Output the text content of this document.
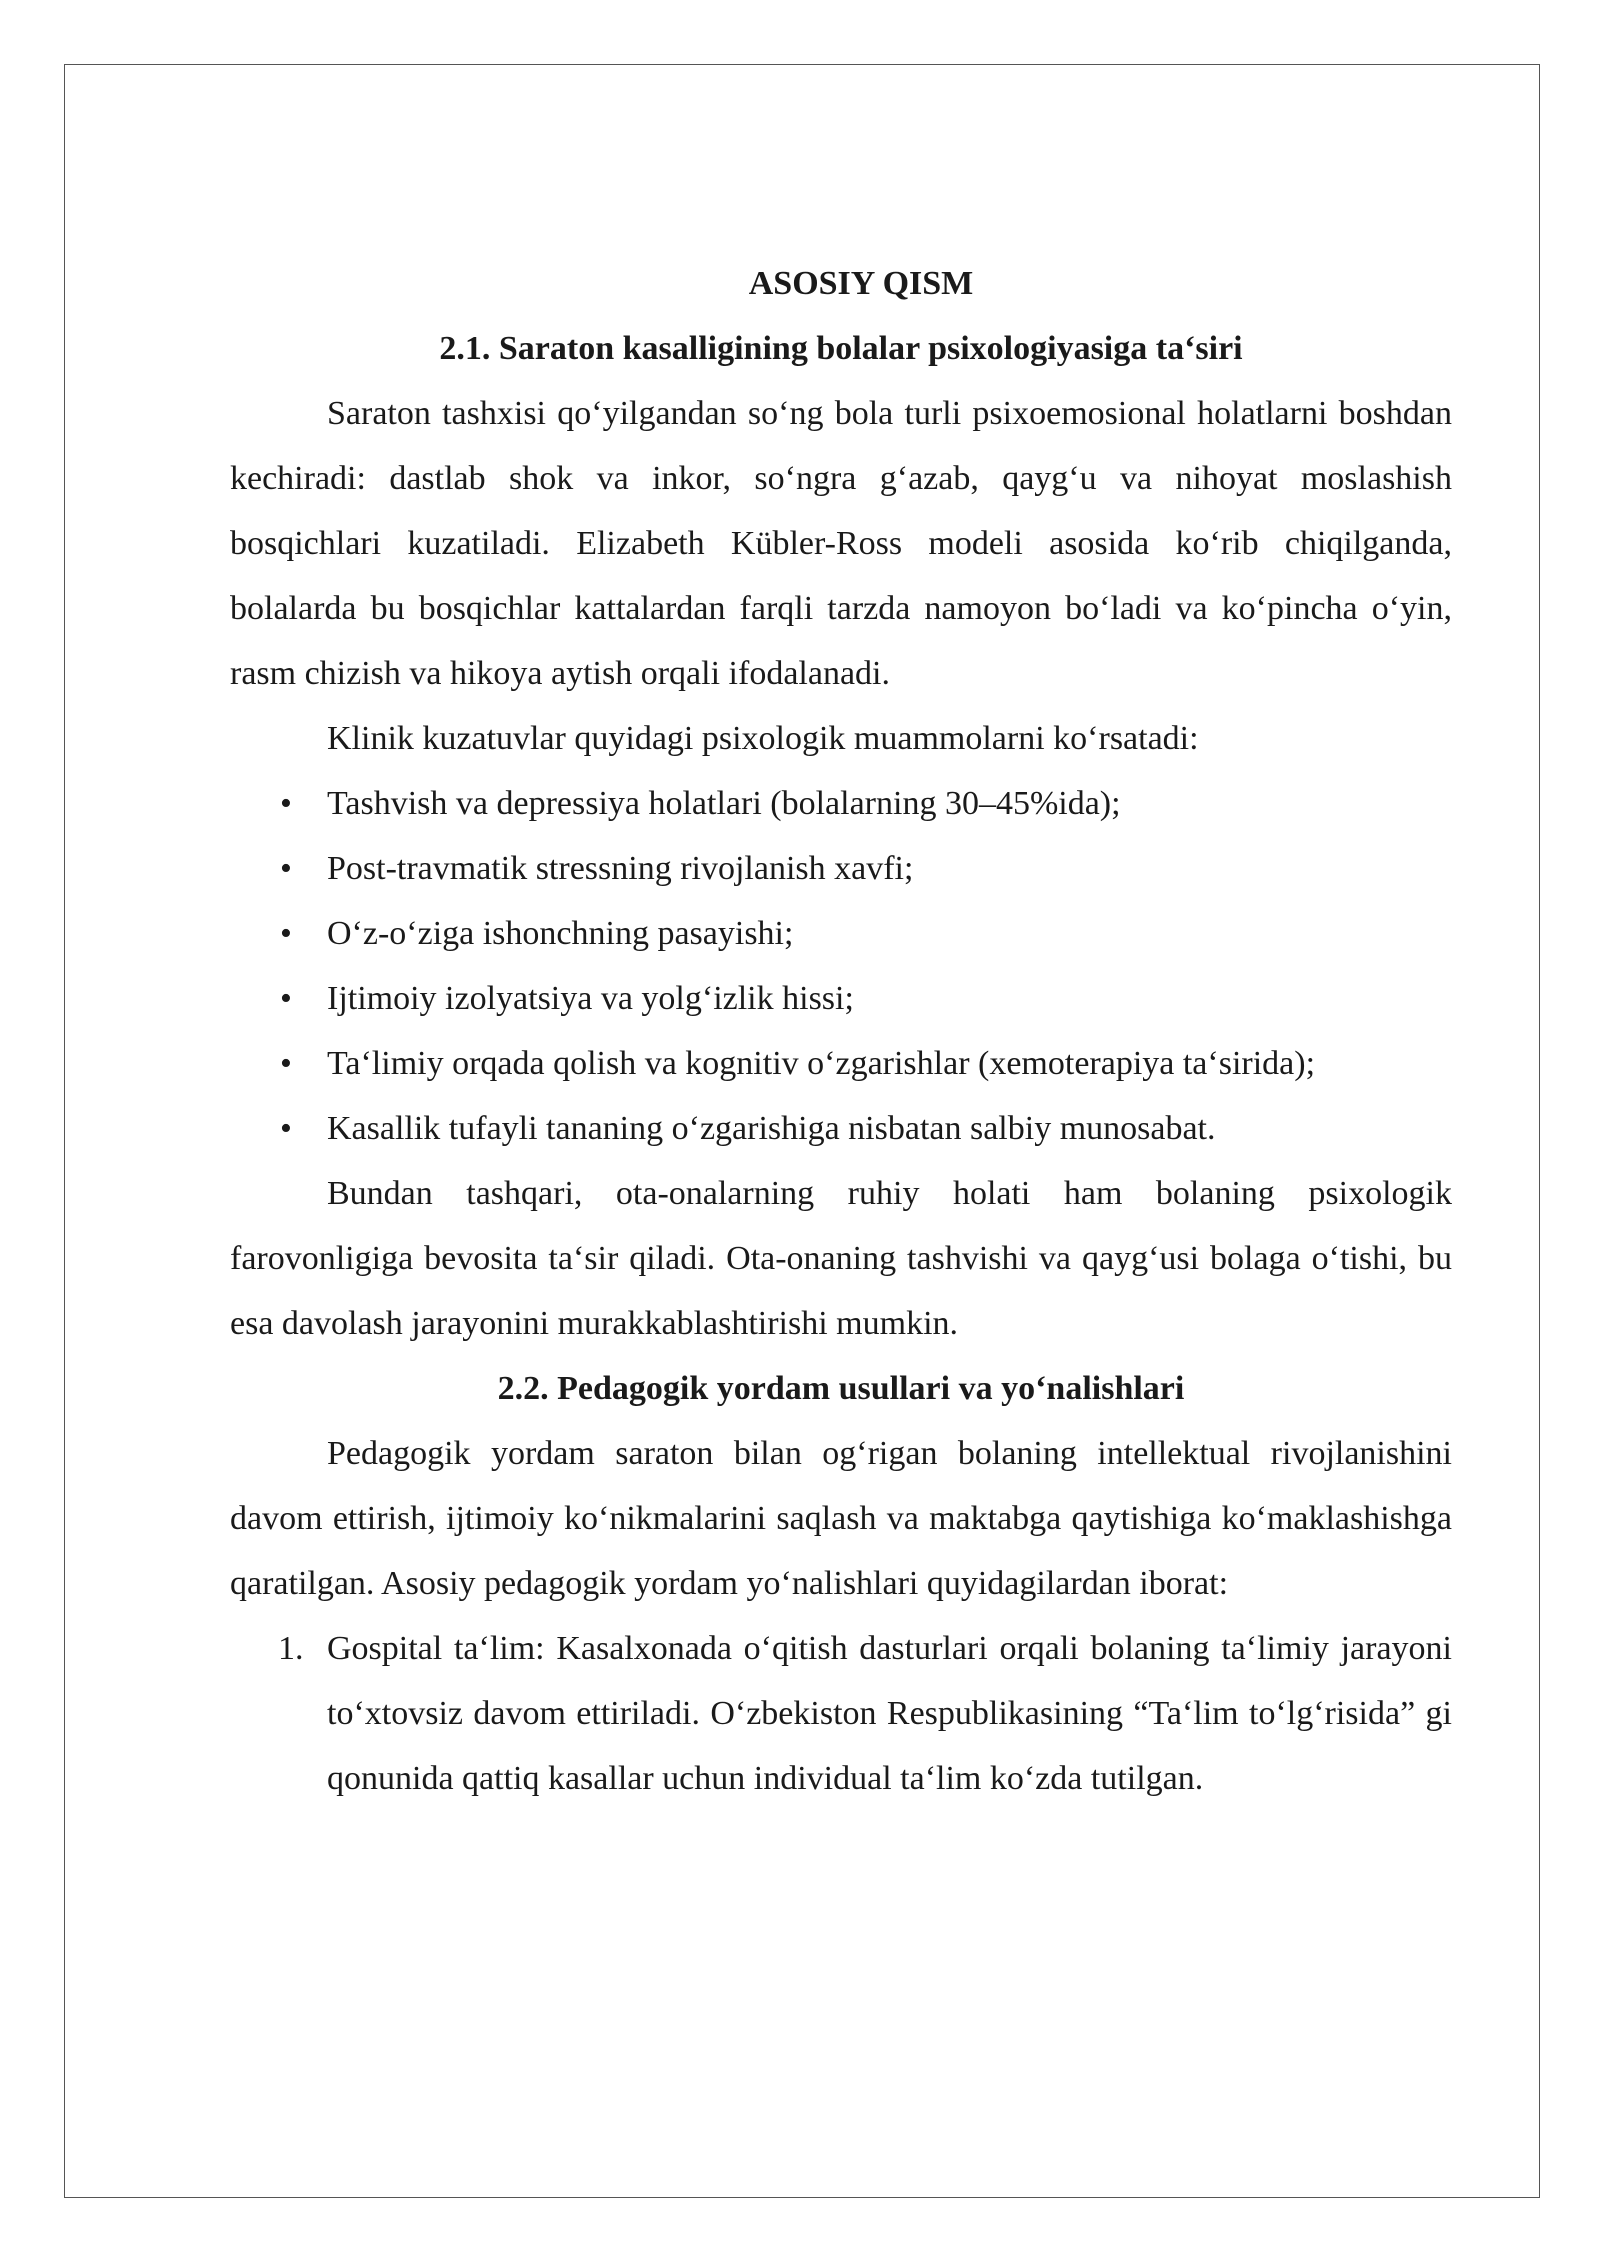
ASOSIY QISM
2.1. Saraton kasalligining bolalar psixologiyasiga ta‘siri

Saraton tashxisi qo‘yilgandan so‘ng bola turli psixoemosional holatlarni boshdan kechiradi: dastlab shok va inkor, so‘ngra g‘azab, qayg‘u va nihoyat moslashish bosqichlari kuzatiladi. Elizabeth Kübler-Ross modeli asosida ko‘rib chiqilganda, bolalarda bu bosqichlar kattalardan farqli tarzda namoyon bo‘ladi va ko‘pincha o‘yin, rasm chizish va hikoya aytish orqali ifodalanadi.

Klinik kuzatuvlar quyidagi psixologik muammolarni ko‘rsatadi:

• Tashvish va depressiya holatlari (bolalarning 30–45%ida);
• Post-travmatik stressning rivojlanish xavfi;
• O‘z-o‘ziga ishonchning pasayishi;
• Ijtimoiy izolyatsiya va yolg‘izlik hissi;
• Ta‘limiy orqada qolish va kognitiv o‘zgarishlar (xemoterapiya ta‘sirida);
• Kasallik tufayli tananing o‘zgarishiga nisbatan salbiy munosabat.

Bundan tashqari, ota-onalarning ruhiy holati ham bolaning psixologik farovonligiga bevosita ta‘sir qiladi. Ota-onaning tashvishi va qayg‘usi bolaga o‘tishi, bu esa davolash jarayonini murakkablashtirishi mumkin.

2.2. Pedagogik yordam usullari va yo‘nalishlari

Pedagogik yordam saraton bilan og‘rigan bolaning intellektual rivojlanishini davom ettirish, ijtimoiy ko‘nikmalarini saqlash va maktabga qaytishiga ko‘maklashishga qaratilgan. Asosiy pedagogik yordam yo‘nalishlari quyidagilardan iborat:

1. Gospital ta‘lim: Kasalxonada o‘qitish dasturlari orqali bolaning ta‘limiy jarayoni to‘xtovsiz davom ettiriladi. O‘zbekiston Respublikasining “Ta‘lim to‘lg‘risida” gi qonunida qattiq kasallar uchun individual ta‘lim ko‘zda tutilgan.
